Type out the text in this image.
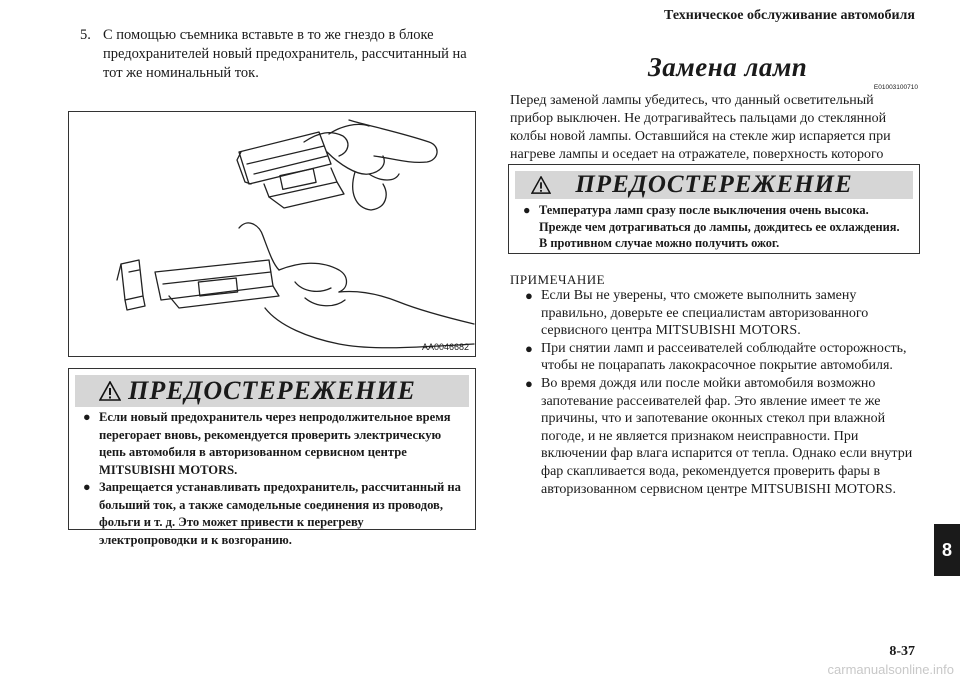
Техническое обслуживание автомобиля
5. С помощью съемника вставьте в то же гнездо в блоке предохранителей новый предохранитель, рассчитанный на тот же номинальный ток.
AA0046682
ПРЕДОСТЕРЕЖЕНИЕ
● Если новый предохранитель через непродолжительное время перегорает вновь, рекомендуется проверить электрическую цепь автомобиля в авторизованном сервисном центре MITSUBISHI MOTORS.
● Запрещается устанавливать предохранитель, рассчитанный на больший ток, а также самодельные соединения из проводов, фольги и т. д. Это может привести к перегреву электропроводки и к возгоранию.
Замена ламп
E01003100710
Перед заменой лампы убедитесь, что данный осветительный прибор выключен. Не дотрагивайтесь пальцами до стеклянной колбы новой лампы. Оставшийся на стекле жир испаряется при нагреве лампы и оседает на отражателе, поверхность которого
ПРЕДОСТЕРЕЖЕНИЕ
● Температура ламп сразу после выключения очень высока. Прежде чем дотрагиваться до лампы, дождитесь ее охлаждения. В противном случае можно получить ожог.
ПРИМЕЧАНИЕ
● Если Вы не уверены, что сможете выполнить замену правильно, доверьте ее специалистам авторизованного сервисного центра MITSUBISHI MOTORS.
● При снятии ламп и рассеивателей соблюдайте осторожность, чтобы не поцарапать лакокрасочное покрытие автомобиля.
● Во время дождя или после мойки автомобиля возможно запотевание рассеивателей фар. Это явление имеет те же причины, что и запотевание оконных стекол при влажной погоде, и не является признаком неисправности. При включении фар влага испарится от тепла. Однако если внутри фар скапливается вода, рекомендуется проверить фары в авторизованном сервисном центре MITSUBISHI MOTORS.
8
8-37
carmanualsonline.info
